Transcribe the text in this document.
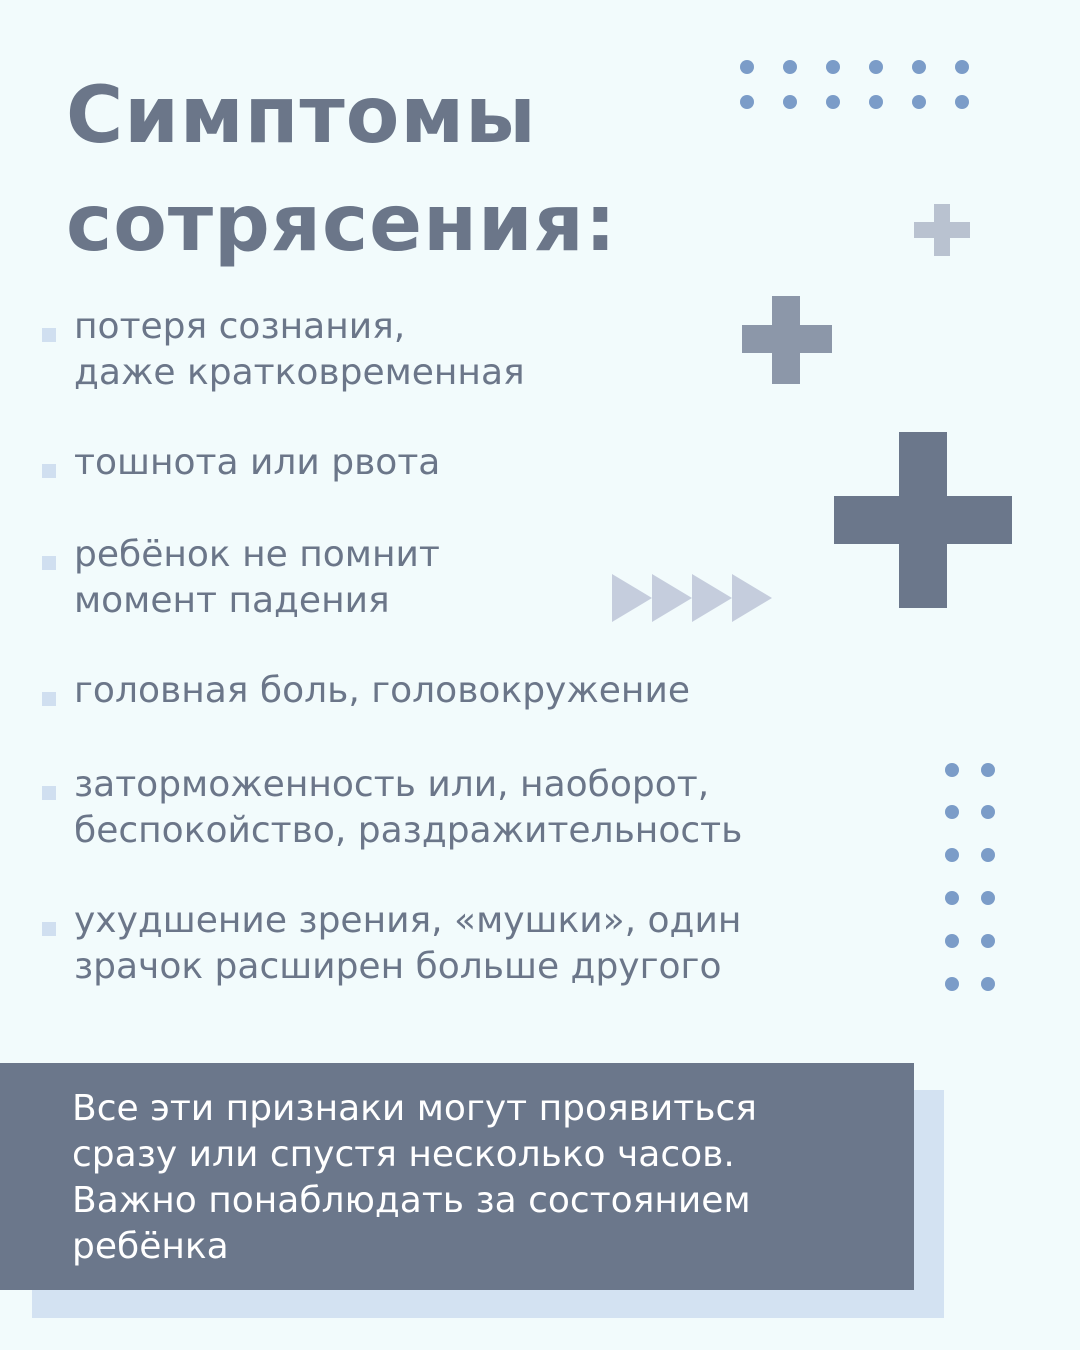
Симптомы
сотрясения:
потеря сознания,
даже кратковременная
тошнота или рвота
ребёнок не помнит
момент падения
головная боль, головокружение
заторможенность или, наоборот,
беспокойство, раздражительность
ухудшение зрения, «мушки», один
зрачок расширен больше другого
Все эти признаки могут проявиться
сразу или спустя несколько часов.
Важно понаблюдать за состоянием
ребёнка
